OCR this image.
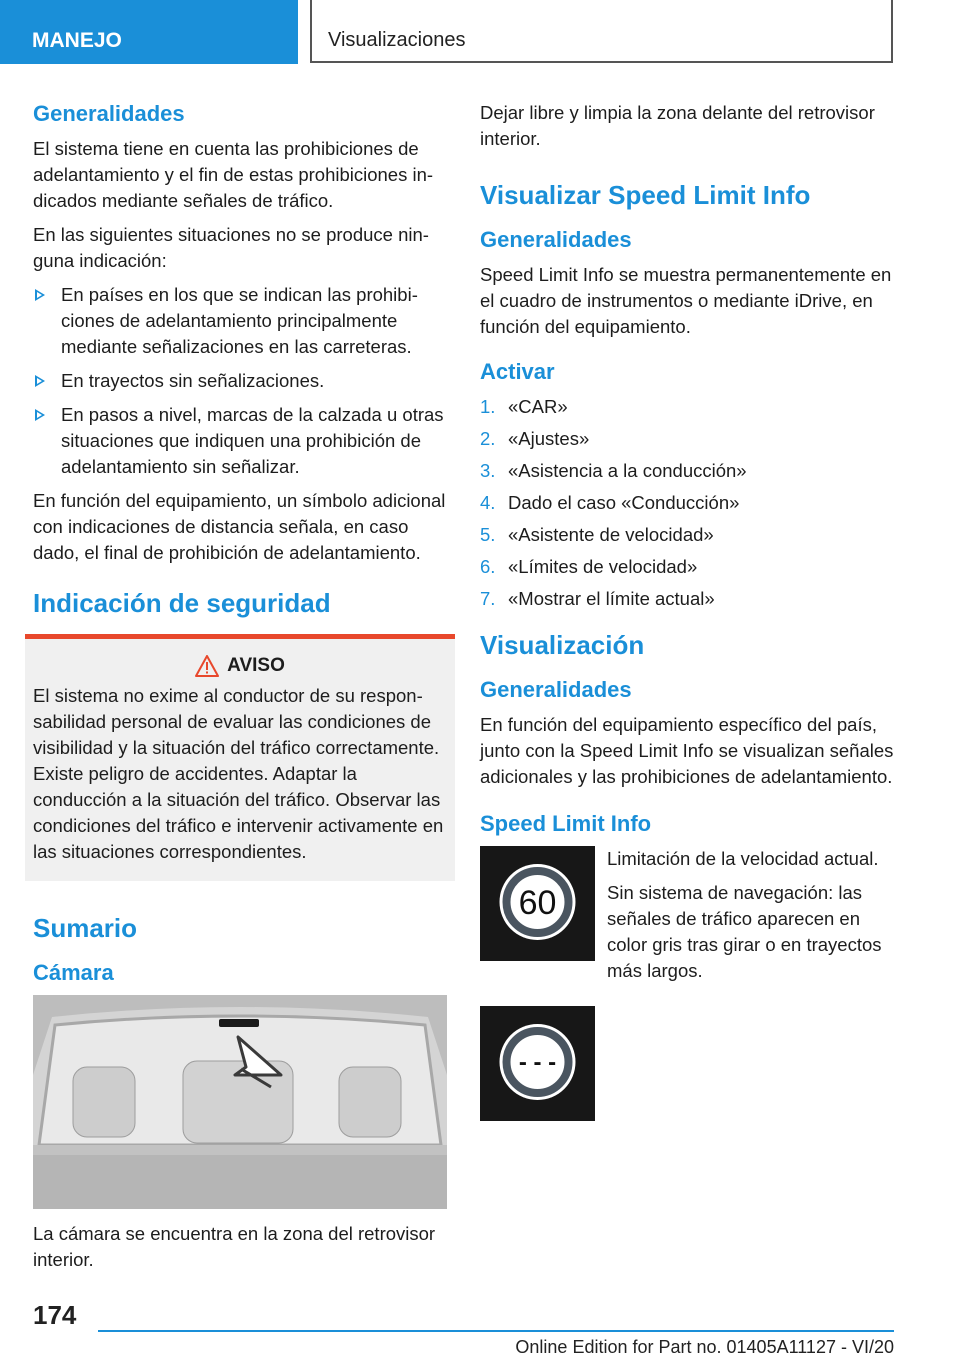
MANEJO	Visualizaciones
Generalidades

El sistema tiene en cuenta las prohibiciones de adelantamiento y el fin de estas prohibiciones indicados mediante señales de tráfico.

En las siguientes situaciones no se produce ninguna indicación:

En países en los que se indican las prohibiciones de adelantamiento principalmente mediante señalizaciones en las carreteras.
En trayectos sin señalizaciones.
En pasos a nivel, marcas de la calzada u otras situaciones que indiquen una prohibición de adelantamiento sin señalizar.

En función del equipamiento, un símbolo adicional con indicaciones de distancia señala, en caso dado, el final de prohibición de adelantamiento.

Indicación de seguridad
AVISO
El sistema no exime al conductor de su responsabilidad personal de evaluar las condiciones de visibilidad y la situación del tráfico correctamente. Existe peligro de accidentes. Adaptar la conducción a la situación del tráfico. Observar las condiciones del tráfico e intervenir activamente en las situaciones correspondientes.
Sumario
Cámara

La cámara se encuentra en la zona del retrovisor interior.

Dejar libre y limpia la zona delante del retrovisor interior.

Visualizar Speed Limit Info
Generalidades

Speed Limit Info se muestra permanentemente en el cuadro de instrumentos o mediante iDrive, en función del equipamiento.

Activar
1. «CAR»
2. «Ajustes»
3. «Asistencia a la conducción»
4. Dado el caso «Conducción»
5. «Asistente de velocidad»
6. «Límites de velocidad»
7. «Mostrar el límite actual»
Visualización
Generalidades

En función del equipamiento específico del país, junto con la Speed Limit Info se visualizan señales adicionales y las prohibiciones de adelantamiento.

Speed Limit Info
60

Limitación de la velocidad actual.

Sin sistema de navegación: las señales de tráfico aparecen en color gris tras girar o en trayectos más largos.

- - -
174
Online Edition for Part no. 01405A11127 - VI/20
